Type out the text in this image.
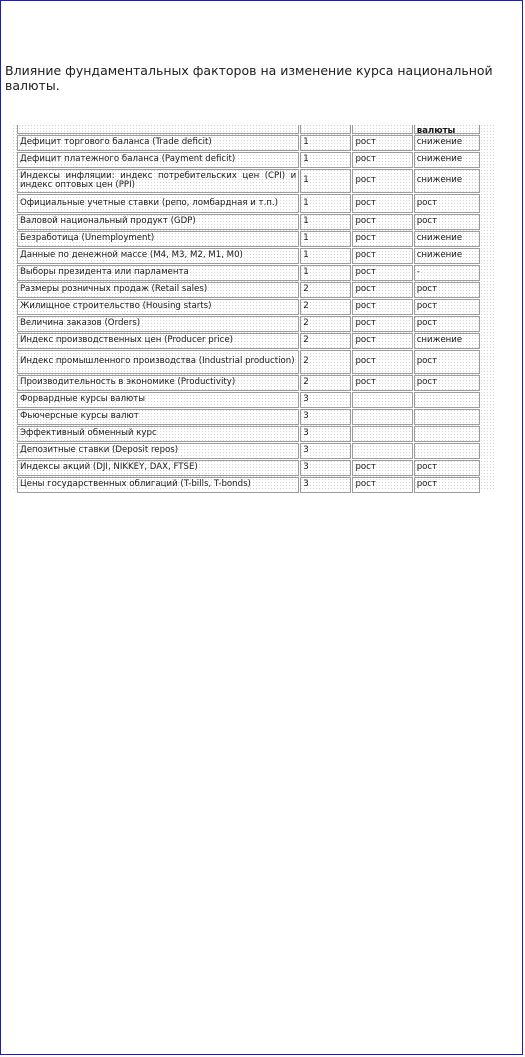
Влияние фундаментальных факторов на изменение курса национальной валюты.
			валюты
Дефицит торгового баланса (Trade deficit)	1	рост	снижение
Дефицит платежного баланса (Payment deficit)	1	рост	снижение
Индексы инфляции: индекс потребительских цен (CPI) и индекс оптовых цен (PPI)	1	рост	снижение
Официальные учетные ставки (репо, ломбардная и т.п.)	1	рост	рост
Валовой национальный продукт (GDP)	1	рост	рост
Безработица (Unemployment)	1	рост	снижение
Данные по денежной массе (M4, M3, M2, M1, M0)	1	рост	снижение
Выборы президента или парламента	1	рост	-
Размеры розничных продаж (Retail sales)	2	рост	рост
Жилищное строительство (Housing starts)	2	рост	рост
Величина заказов (Orders)	2	рост	рост
Индекс производственных цен (Producer price)	2	рост	снижение
Индекс промышленного производства (Industrial production)	2	рост	рост
Производительность в экономике (Productivity)	2	рост	рост
Форвардные курсы валюты	3		
Фьючерсные курсы валют	3		
Эффективный обменный курс	3		
Депозитные ставки (Deposit repos)	3		
Индексы акций (DJI, NIKKEY, DAX, FTSE)	3	рост	рост
Цены государственных облигаций (T-bills, T-bonds)	3	рост	рост
